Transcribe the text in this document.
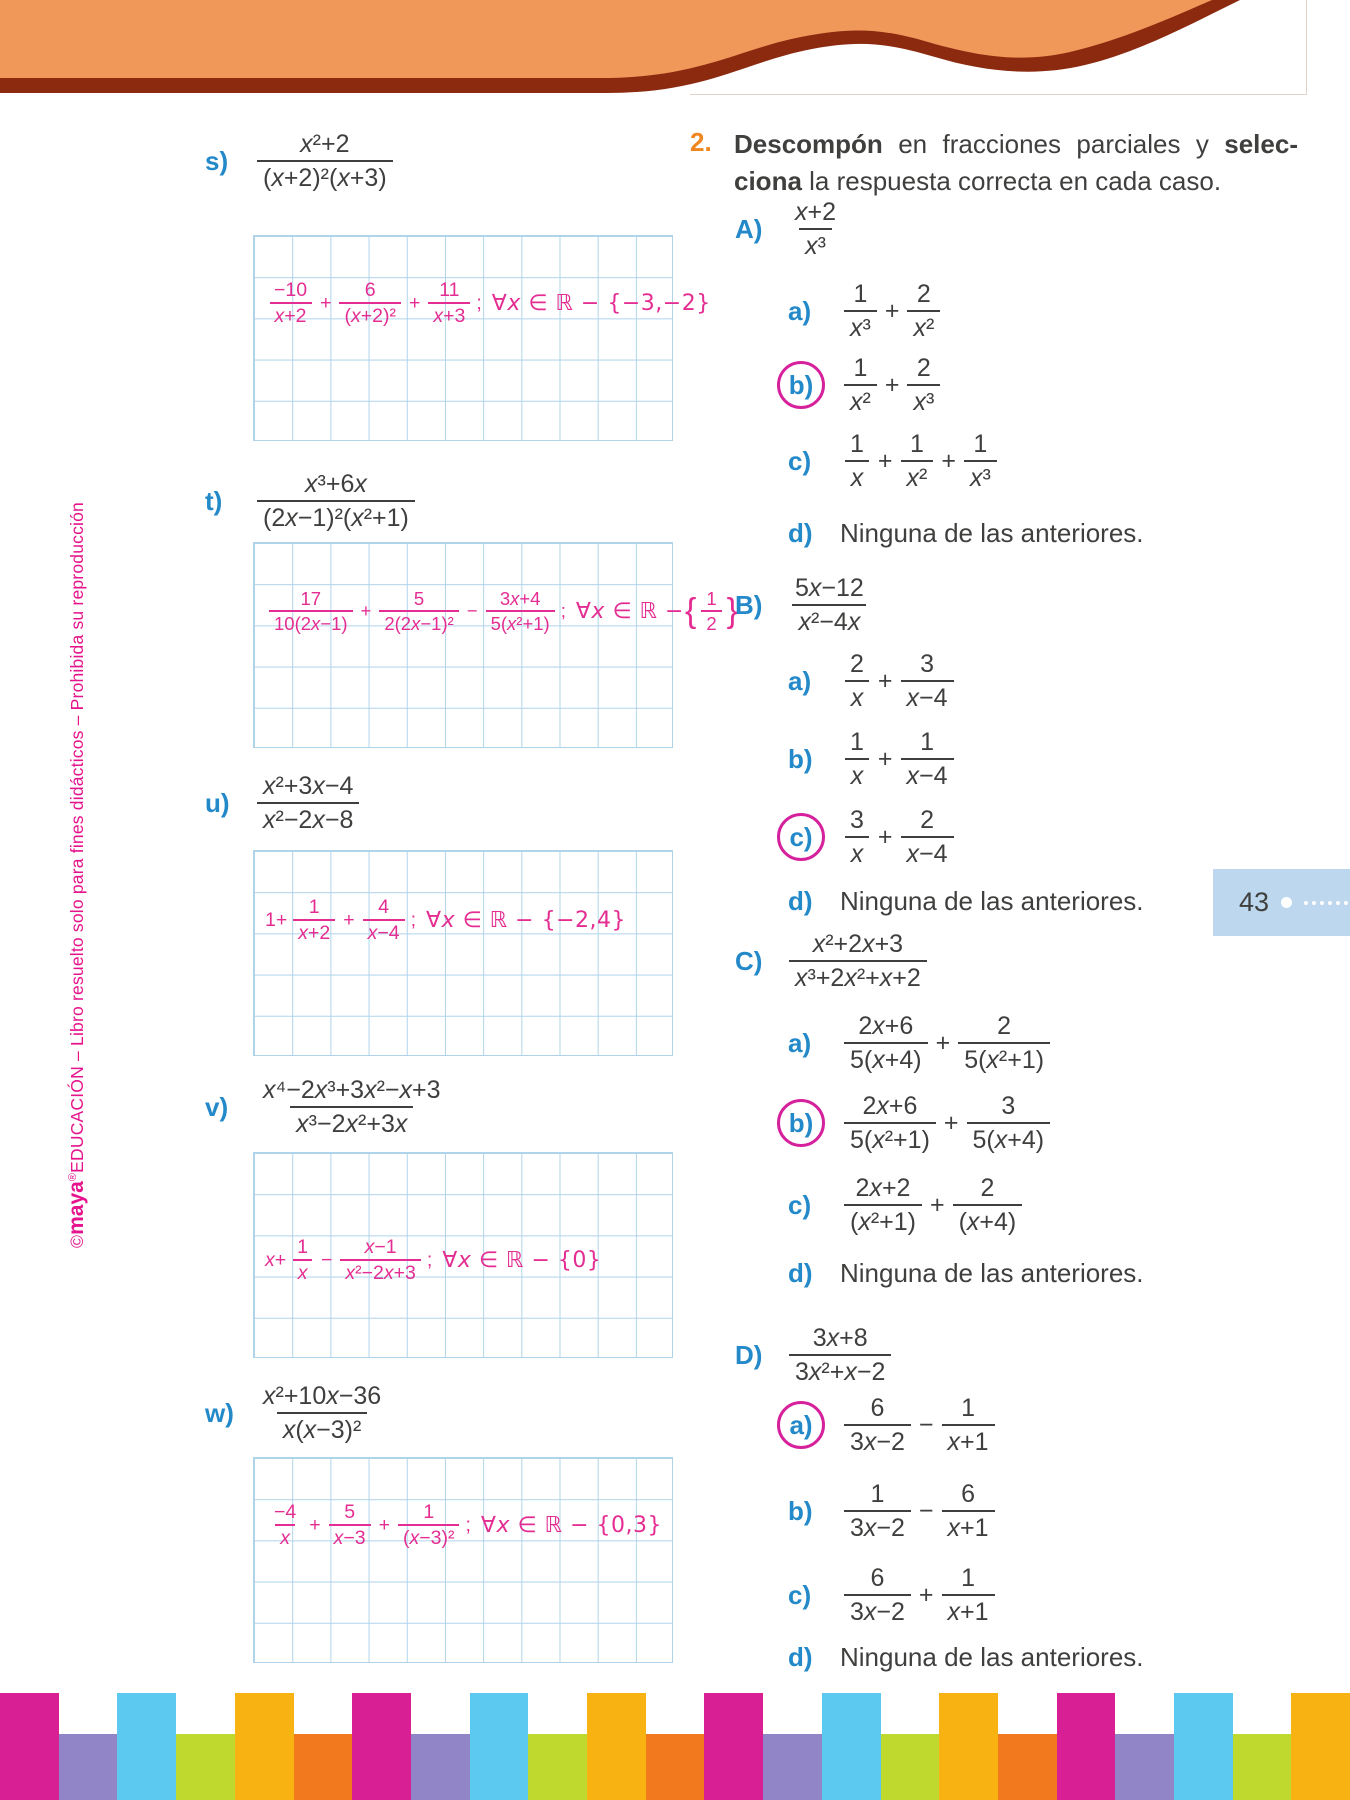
©maya®EDUCACIÓN – Libro resuelto solo para fines didácticos – Prohibida su reproducción	43
s)	$\frac{\text{x²+2}}{\text{(x+2)²(x+3)}}$
$\frac{-10}{x+2} + \frac{6}{\text{(x+2)²}} + \frac{11}{x+3}$ ; ∀x ∈ ℝ − {−3,−2}
t)	$\frac{\text{x³+6x}}{\text{(2x−1)²(x²+1)}}$
$\frac{17}{10(2x-1)} + \frac{5}{\text{2(2x−1)²}} - \frac{3x+4}{\text{5(x²+1)}}$ ; ∀x ∈ ℝ − { $\frac{1}{2}$ }
u)	$\frac{\text{x²+3x−4}}{\text{x²−2x−8}}$
$1+ \frac{1}{x+2} + \frac{4}{x-4}$ ; ∀x ∈ ℝ − {−2,4}
v)	$\frac{\text{x⁴−2x³+3x²−x+3}}{\text{x³−2x²+3x}}$
$x+ \frac{1}{x} - \frac{x-1}{\text{x²−2x+3}}$ ; ∀x ∈ ℝ − {0}
$w) \frac{\text{x²+10x−36}}{\text{x(x−3)²}}$
$\frac{-4}{x} + \frac{5}{x-3} + \frac{1}{\text{(x−3)²}}$ ; ∀x ∈ ℝ − {0,3}
2. Descompón en fracciones parciales y selec-
ciona la respuesta correcta en cada caso.
A)	$\frac{x+2}{\text{x³}}$
$a) \frac{1}{\text{x³}} + \frac{2}{\text{x²}}$
b)	$\frac{1}{\text{x²}} + \frac{2}{\text{x³}}$
$c) \frac{1}{x} + \frac{1}{\text{x²}} + \frac{1}{\text{x³}}$
d) Ninguna de las anteriores.
B)	$\frac{5x-12}{\text{x²−4x}}$
$a) \frac{2}{x} + \frac{3}{x-4}$
$b) \frac{1}{x} + \frac{1}{x-4}$
c)	$\frac{3}{x} + \frac{2}{x-4}$
d) Ninguna de las anteriores.
C)	$\frac{\text{x²+2x+3}}{\text{x³+2x²+x+2}}$
$a) \frac{2x+6}{5(x+4)} + \frac{2}{\text{5(x²+1)}}$
b)	$\frac{2x+6}{\text{5(x²+1)}} + \frac{3}{5(x+4)}$
$c) \frac{2x+2}{\text{(x²+1)}} + \frac{2}{(x+4)}$
d) Ninguna de las anteriores.
D)	$\frac{3x+8}{\text{3x²+x−2}}$
a)	$\frac{6}{3x-2} - \frac{1}{x+1}$
$b) \frac{1}{3x-2} - \frac{6}{x+1}$
$c) \frac{6}{3x-2} + \frac{1}{x+1}$
d) Ninguna de las anteriores.
